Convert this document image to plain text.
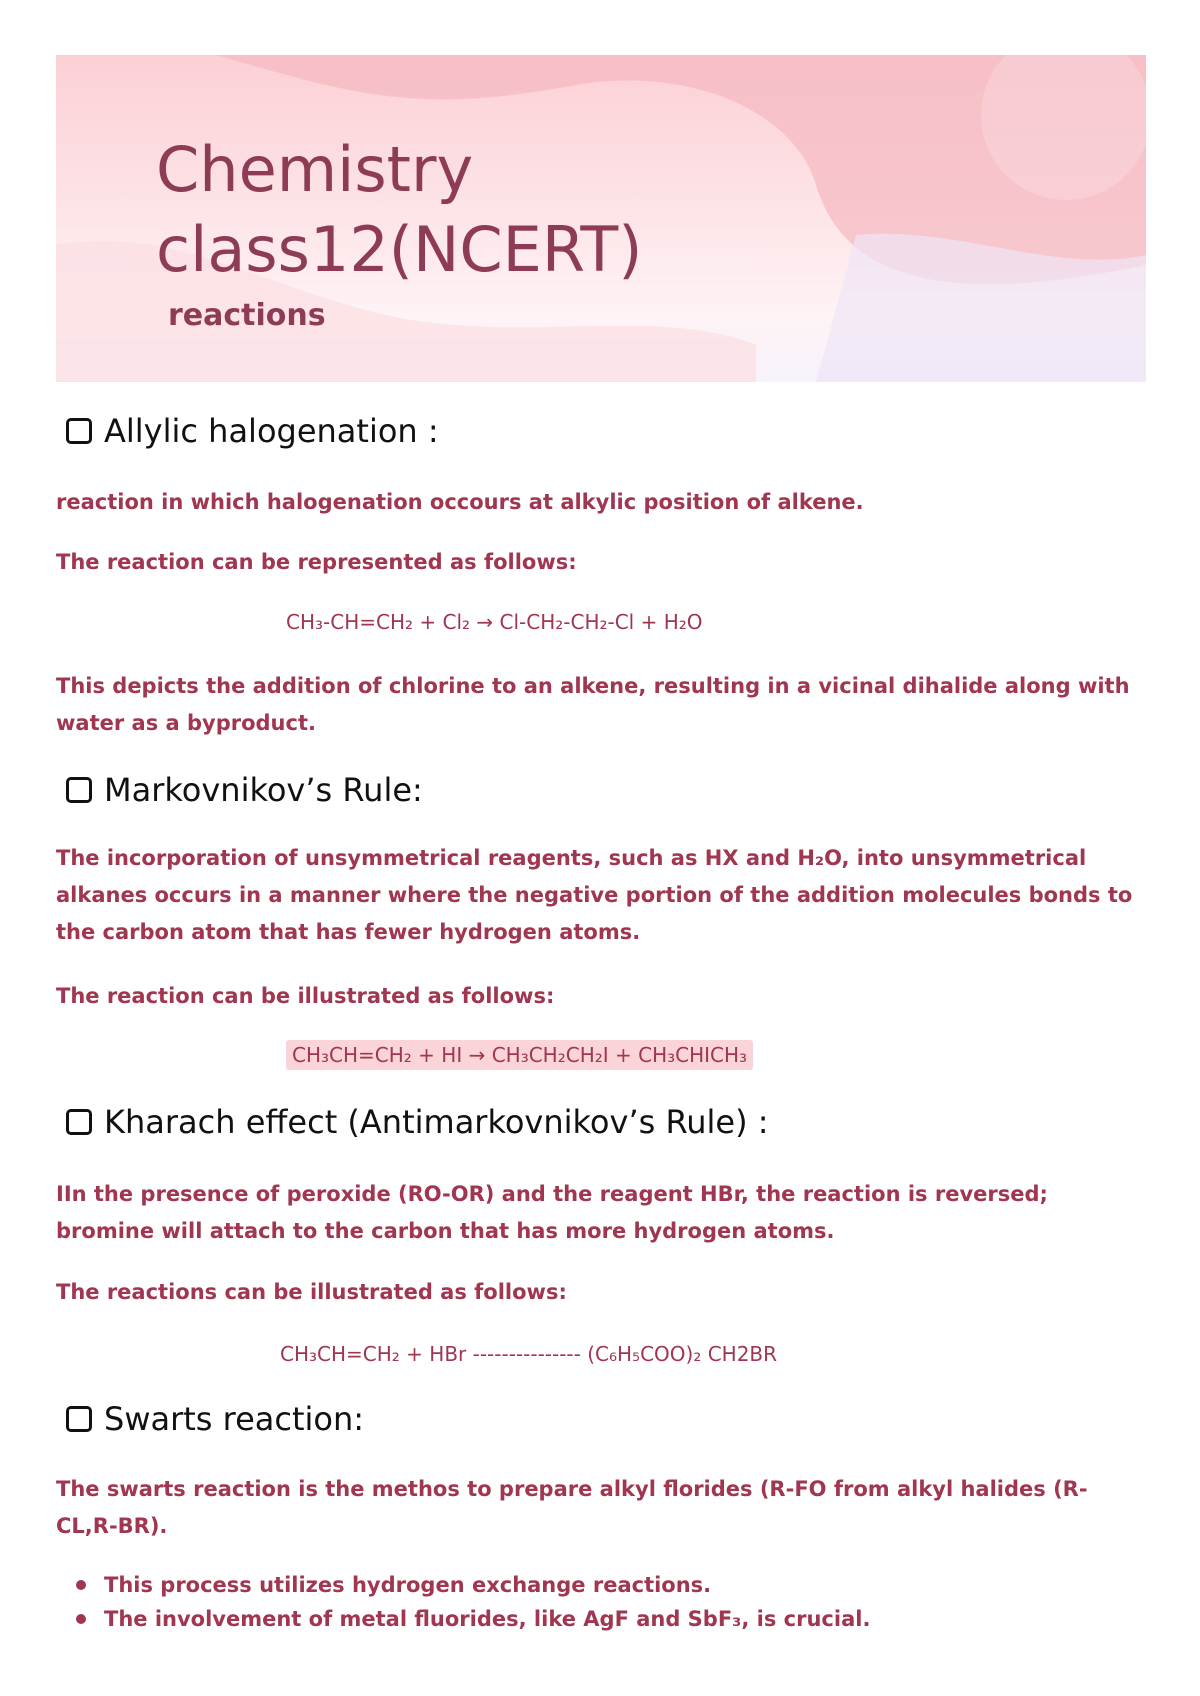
Chemistry
class12(NCERT)
reactions
Allylic halogenation :

reaction in which halogenation occours at alkylic position of alkene.

The reaction can be represented as follows:

CH₃-CH=CH₂ + Cl₂ → Cl-CH₂-CH₂-Cl + H₂O

This depicts the addition of chlorine to an alkene, resulting in a vicinal dihalide along with water as a byproduct.

Markovnikov’s Rule:

The incorporation of unsymmetrical reagents, such as HX and H₂O, into unsymmetrical alkanes occurs in a manner where the negative portion of the addition molecules bonds to the carbon atom that has fewer hydrogen atoms.

The reaction can be illustrated as follows:

CH₃CH=CH₂ + HI → CH₃CH₂CH₂I + CH₃CHICH₃
Kharach effect (Antimarkovnikov’s Rule) :

IIn the presence of peroxide (RO-OR) and the reagent HBr, the reaction is reversed; bromine will attach to the carbon that has more hydrogen atoms.

The reactions can be illustrated as follows:

CH₃CH=CH₂ + HBr --------------- (C₆H₅COO)₂ CH2BR
Swarts reaction:

The swarts reaction is the methos to prepare alkyl florides (R-FO from alkyl halides (R-CL,R-BR).

This process utilizes hydrogen exchange reactions.
The involvement of metal fluorides, like AgF and SbF₃, is crucial.
